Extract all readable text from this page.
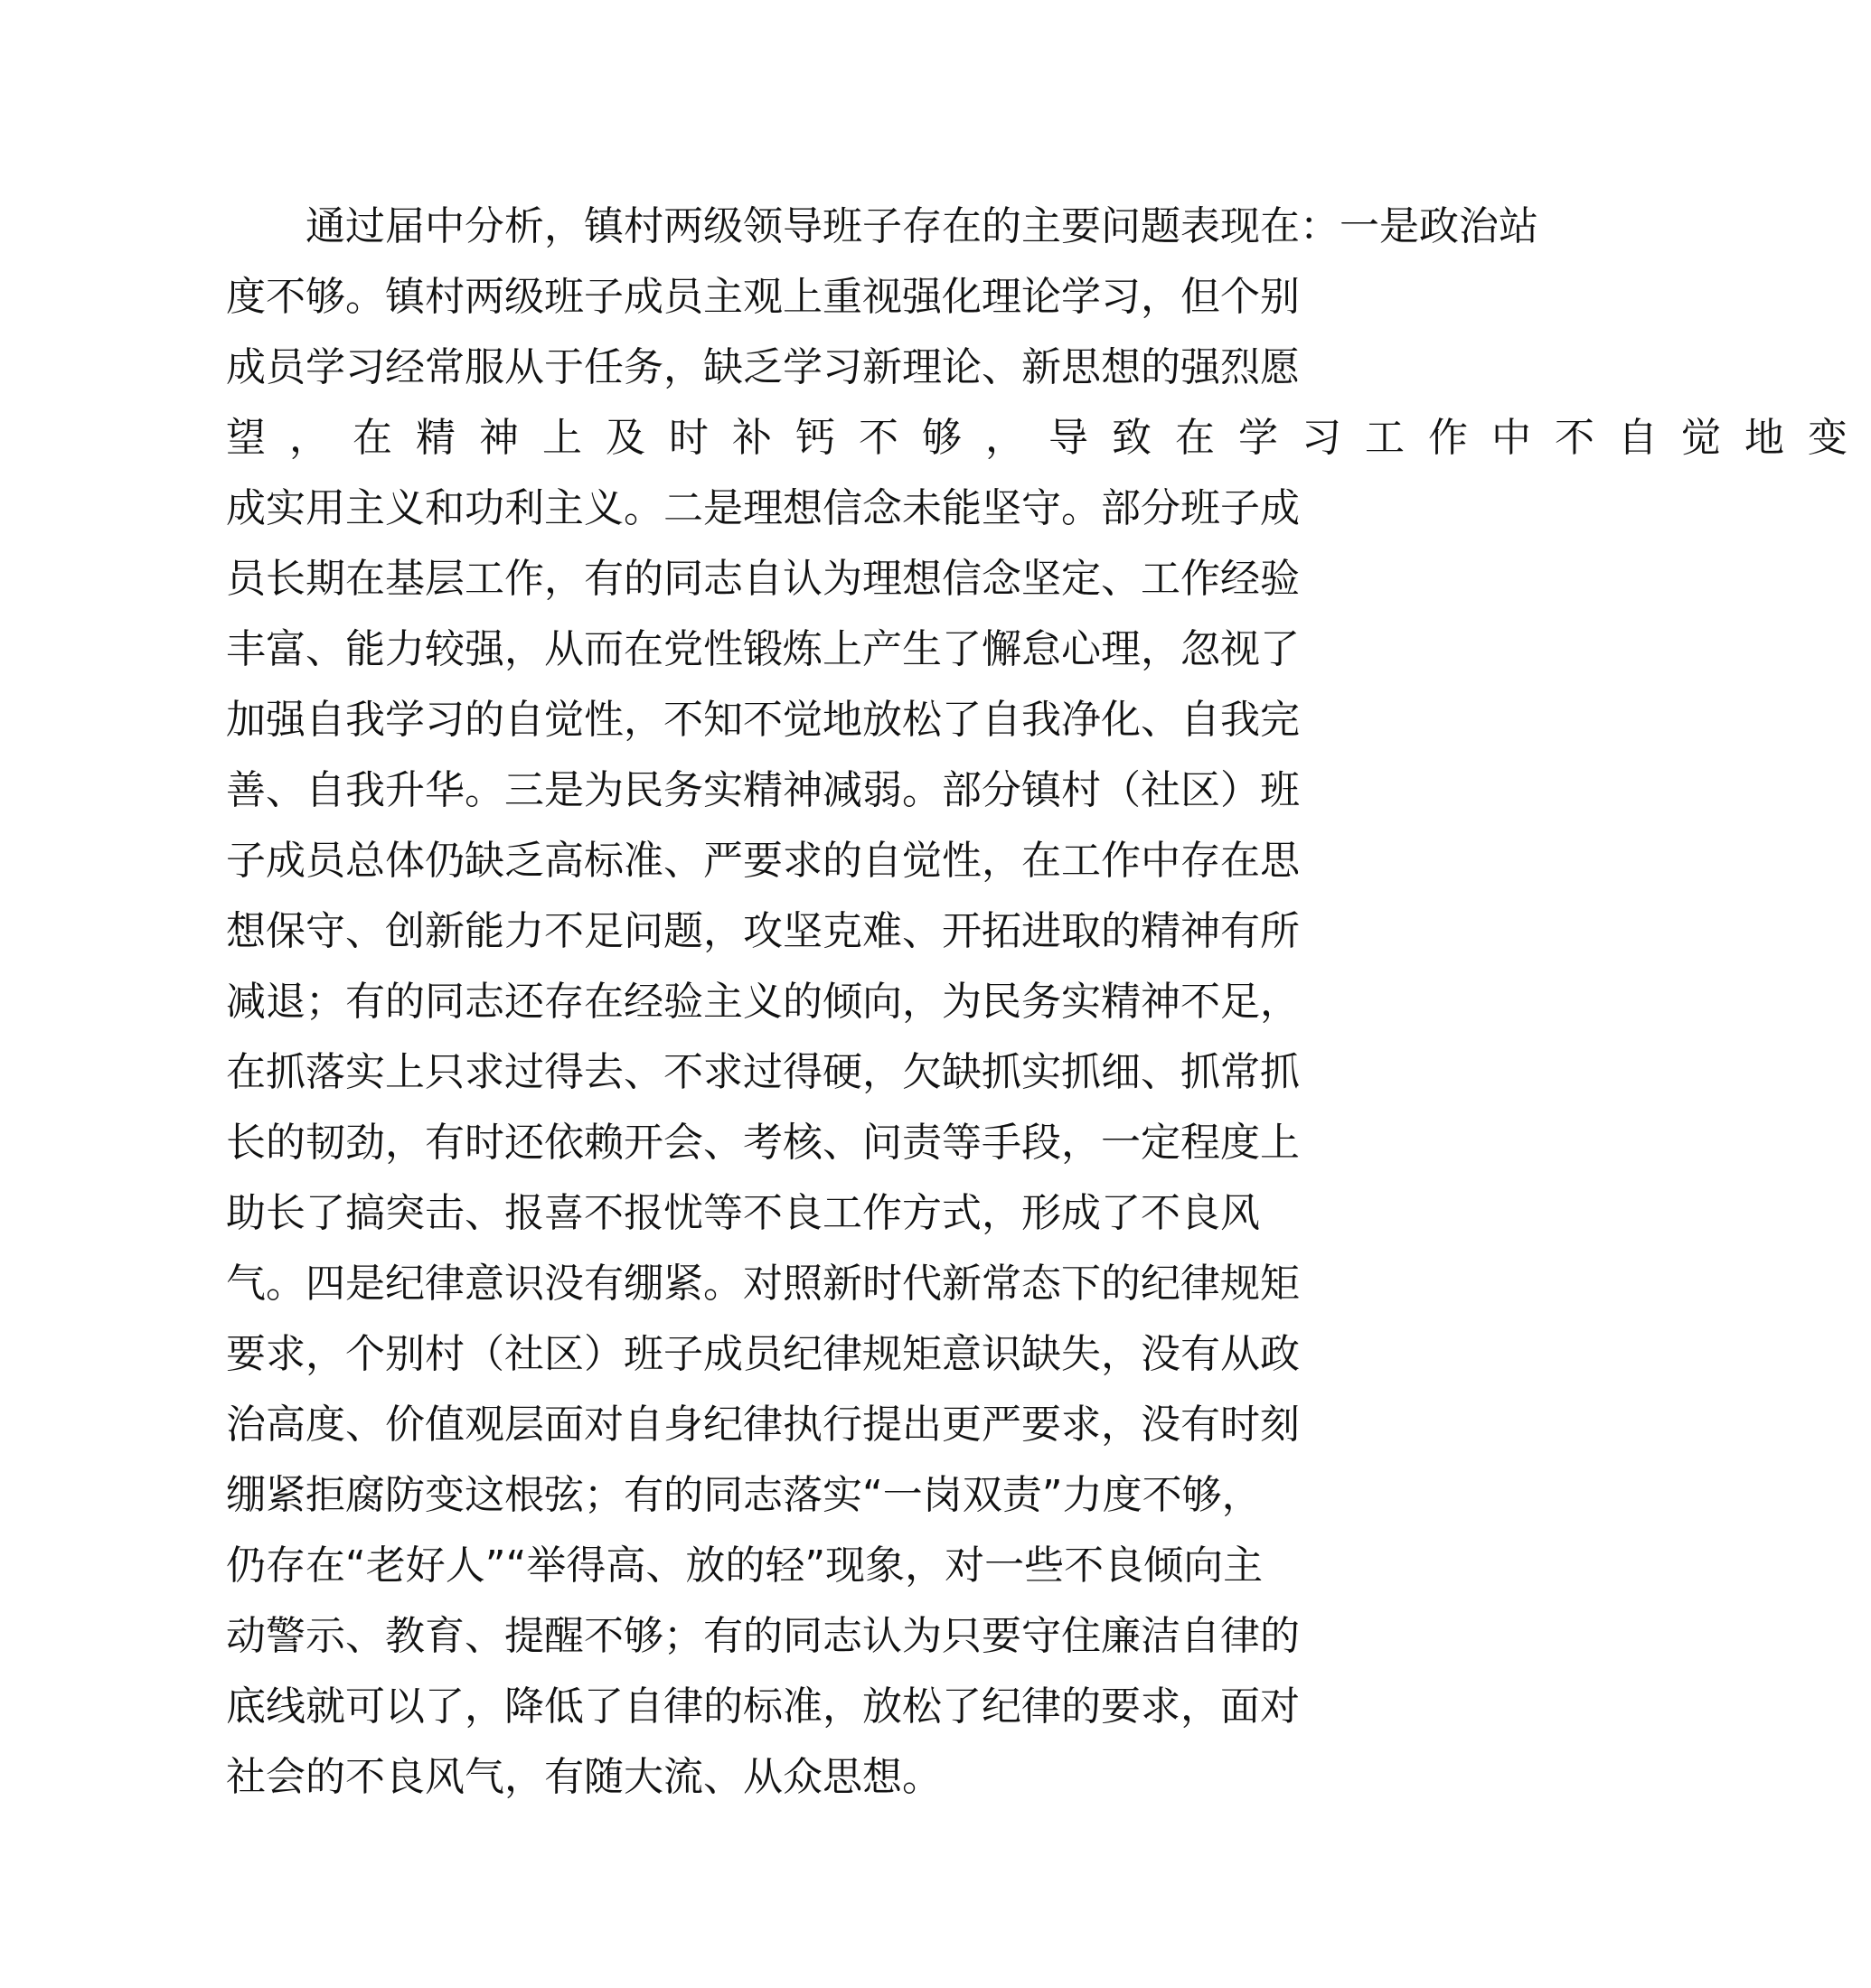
通过届中分析，镇村两级领导班子存在的主要问题表现在：一是政治站
度不够。镇村两级班子成员主观上重视强化理论学习，但个别
成员学习经常服从于任务，缺乏学习新理论、新思想的强烈愿
望，在精神上及时补钙不够，导致在学习工作中不自觉地变
成实用主义和功利主义。二是理想信念未能坚守。部分班子成
员长期在基层工作，有的同志自认为理想信念坚定、工作经验
丰富、能力较强，从而在党性锻炼上产生了懈怠心理，忽视了
加强自我学习的自觉性，不知不觉地放松了自我净化、自我完
善、自我升华。三是为民务实精神减弱。部分镇村（社区）班
子成员总体仍缺乏高标准、严要求的自觉性，在工作中存在思
想保守、创新能力不足问题，攻坚克难、开拓进取的精神有所
减退；有的同志还存在经验主义的倾向，为民务实精神不足，
在抓落实上只求过得去、不求过得硬，欠缺抓实抓细、抓常抓
长的韧劲，有时还依赖开会、考核、问责等手段，一定程度上
助长了搞突击、报喜不报忧等不良工作方式，形成了不良风
气。四是纪律意识没有绷紧。对照新时代新常态下的纪律规矩
要求，个别村（社区）班子成员纪律规矩意识缺失，没有从政
治高度、价值观层面对自身纪律执行提出更严要求，没有时刻
绷紧拒腐防变这根弦；有的同志落实“一岗双责”力度不够，
仍存在“老好人”“举得高、放的轻”现象，对一些不良倾向主
动警示、教育、提醒不够；有的同志认为只要守住廉洁自律的
底线就可以了，降低了自律的标准，放松了纪律的要求，面对
社会的不良风气，有随大流、从众思想。
